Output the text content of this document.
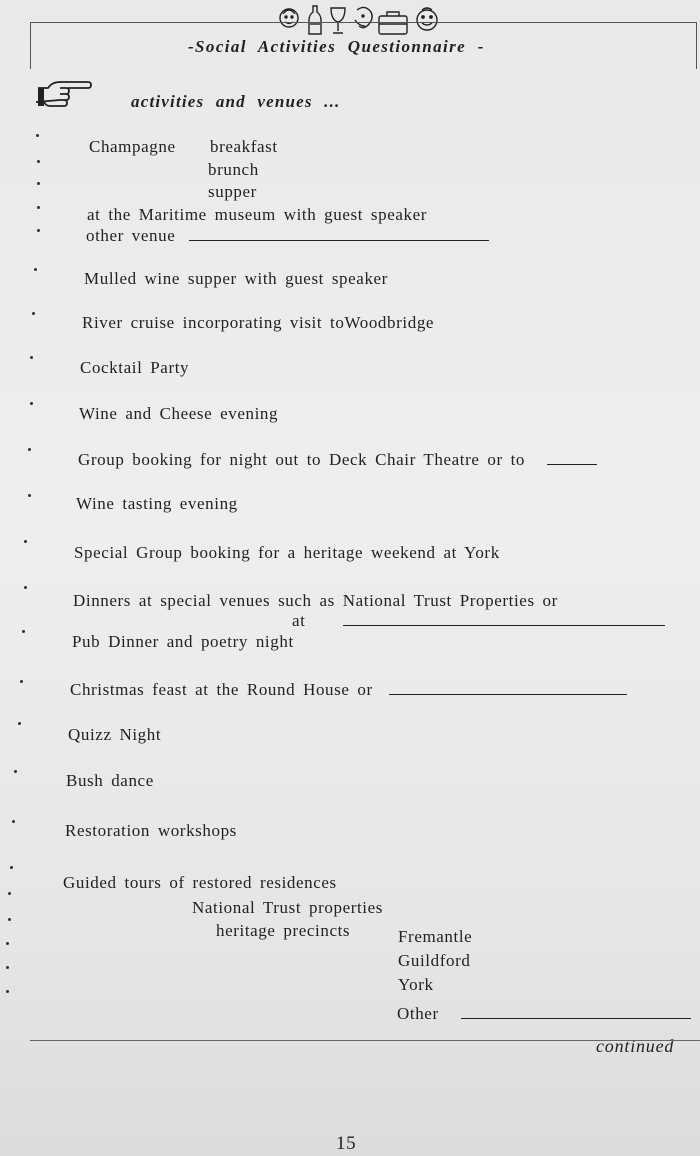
-Social Activities Questionnaire -
activities and venues ...
Champagne breakfast
brunch
supper
at the Maritime museum with guest speaker
other venue
Mulled wine supper with guest speaker
River cruise incorporating visit toWoodbridge
Cocktail Party
Wine and Cheese evening
Group booking for night out to Deck Chair Theatre or to
Wine tasting evening
Special Group booking for a heritage weekend at York
Dinners at special venues such as National Trust Properties or
at
Pub Dinner and poetry night
Christmas feast at the Round House or
Quizz Night
Bush dance
Restoration workshops
Guided tours of restored residences
National Trust properties
heritage precincts	Fremantle
Guildford
York
Other
continued
15
